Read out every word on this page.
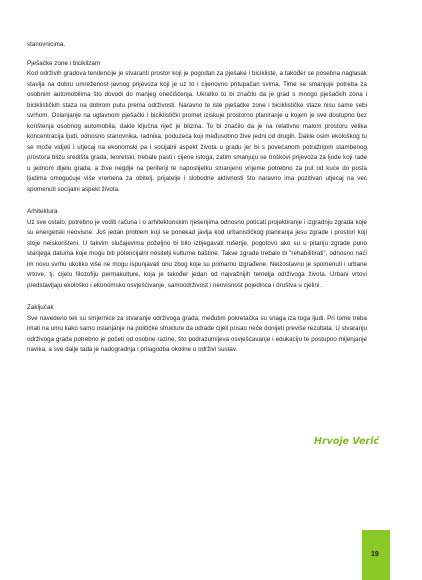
stanovnicima.

Pješačke zone i biciklizam

Kod održivih gradova tendencije je stvaranti prostor koji je pogodan za pješake i biciklistе, a također se posebna naglasak stavlja na dobru umreženost javnog prijevoza koji je uz to i cijenovno pritupačan svima. Time se smanjuje potreba za osobnim automobilima što dovodi do manjeg onečišćenja. Ukratko to bi značilo da je grad s mnogo pješačkih zona i biciklističkih staza na dobrom putu prema održivosti. Naravno te iste pješačke zone i biciklističke staze nisu same sebi svrhom. Oslanjanje na uglavnom pješački i biciklistički promet iziskuje prostorno planiranje u kojem je sve dostupno bez korištenja osobnog automobila, dakle ključna riječ je blizina. To bi značilo da je na relativno malom prostoru velika koncentracija ljudi, odnosno stanovnika, radnika, poduzeća koji međusobno žive jedni od drugih. Dakle osim ekološkog tu se može vidjeti i utjecaj na ekonomski pa i socijalni aspekt života u gradu jer bi s povećanom potražnjom stambenog prostora blizu središta grada, teoretski, trebale pasti i cijene istoga, zatim smanjuju se troškovi prijevoza za ljude koji rade u jednom dijelu grada, a žive negdje na periferiji te naposlijetku smanjeno vrijeme potrebno za put od kuće do posla ljudima omogućuje više vremena za obitelj, prijatelje i slobodne aktivnosti što naravno ima pozitivan utjecaj na već spomenuti socijalni aspekt života.

Arhitektura

Uz sve ostalo, potrebno je voditi računa i o arhitektonskim rješenjima odnosno poticati projektiranje i izgradnju zgrada koje su energetski neovisne. Još jedan problem koji se ponekad javlja kod urbanističkog planiranja jesu zgrade i prostori koji stoje neiskorišteni. U takvim slučajevima poželjno bi bilo izbjegavati rušenje, pogotovo ako su u pitanju zgrade puno starijega datuma koje mogu biti potencijalni nositelji kulturne baštine. Takve zgrade trebalo bi "rehabilitirati", odnosno naći im novu svrhu ukoliko više ne mogu ispunjavati onu zbog koje su primarno izgrađene. Neizostavno je spomenuti i urbane vrtove, tj. cijelu filozofiju permakulture, koja je također jedan od najvažnijih temelja održivoga života. Urbani vrtovi predstavljaju ekološko i ekonomsko osvješćivanje, samoodrživost i neovisnost pojedinca i društva u cjelini.

Zaključak

Sve navedeno tek su smjernice za stvaranje održivoga grada, međutim pokretačka su snaga iza toga ljudi. Pri tome treba imati na umu kako samo oslanjanje na političke strukture da odrade cijeli posao neće donijeti previše rezultata. U stvaranju održivoga grada potrebno je početi od osobne razine, što podrazumijeva osvješćavanje i edukaciju te postupno mijenjanje navika, a sve dalje tada je nadogradnja i prilagodba okoline u održivi sustav.

Hrvoje Verić
19
